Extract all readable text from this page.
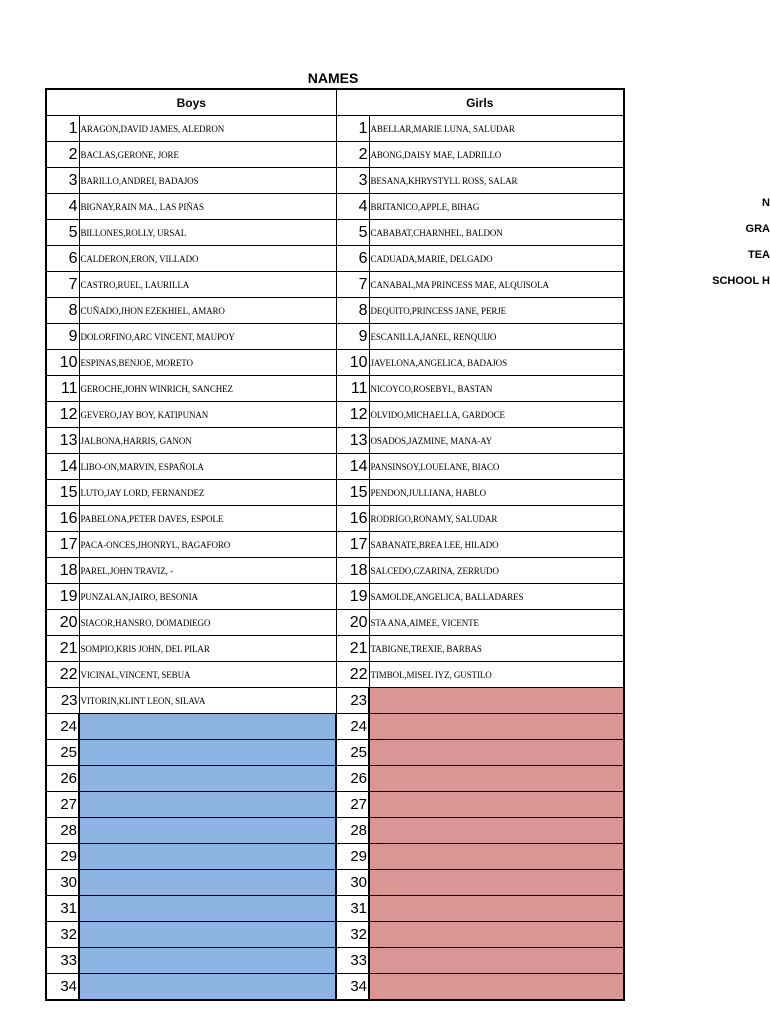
NAMES
Boys		Girls	
1	ARAGON,DAVID JAMES, ALEDRON	1	ABELLAR,MARIE LUNA, SALUDAR
2	BACLAS,GERONE, JORE	2	ABONG,DAISY MAE, LADRILLO
3	BARILLO,ANDREI, BADAJOS	3	BESANA,KHRYSTYLL ROSS, SALAR
4	BIGNAY,RAIN MA., LAS PIÑAS	4	BRITANICO,APPLE, BIHAG
5	BILLONES,ROLLY, URSAL	5	CABABAT,CHARNHEL, BALDON
6	CALDERON,ERON, VILLADO	6	CADUADA,MARIE, DELGADO
7	CASTRO,RUEL, LAURILLA	7	CANABAL,MA PRINCESS MAE, ALQUISOLA
8	CUÑADO,JHON EZEKHIEL, AMARO	8	DEQUITO,PRINCESS JANE, PERJE
9	DOLORFINO,ARC VINCENT, MAUPOY	9	ESCANILLA,JANEL, RENQUIJO
10	ESPINAS,BENJOE, MORETO	10	JAVELONA,ANGELICA, BADAJOS
11	GEROCHE,JOHN WINRICH, SANCHEZ	11	NICOYCO,ROSEBYL, BASTAN
12	GEVERO,JAY BOY, KATIPUNAN	12	OLVIDO,MICHAELLA, GARDOCE
13	JALBONA,HARRIS, GANON	13	OSADOS,JAZMINE, MANA-AY
14	LIBO-ON,MARVIN, ESPAÑOLA	14	PANSINSOY,LOUELANE, BIACO
15	LUTO,JAY LORD, FERNANDEZ	15	PENDON,JULLIANA, HABLO
16	PABELONA,PETER DAVES, ESPOLE	16	RODRIGO,RONAMY, SALUDAR
17	PACA-ONCES,JHONRYL, BAGAFORO	17	SABANATE,BREA LEE, HILADO
18	PAREL,JOHN TRAVIZ, -	18	SALCEDO,CZARINA, ZERRUDO
19	PUNZALAN,JAIRO, BESONIA	19	SAMOLDE,ANGELICA, BALLADARES
20	SIACOR,HANSRO, DOMADIEGO	20	STA ANA,AIMEE, VICENTE
21	SOMPIO,KRIS JOHN, DEL PILAR	21	TABIGNE,TREXIE, BARBAS
22	VICINAL,VINCENT, SEBUA	22	TIMBOL,MISEL IYZ, GUSTILO
23	VITORIN,KLINT LEON, SILAVA	23	
24		24	
25		25	
26		26	
27		27	
28		28	
29		29	
30		30	
31		31	
32		32	
33		33	
34		34	
N
GRA
TEA
SCHOOL H
